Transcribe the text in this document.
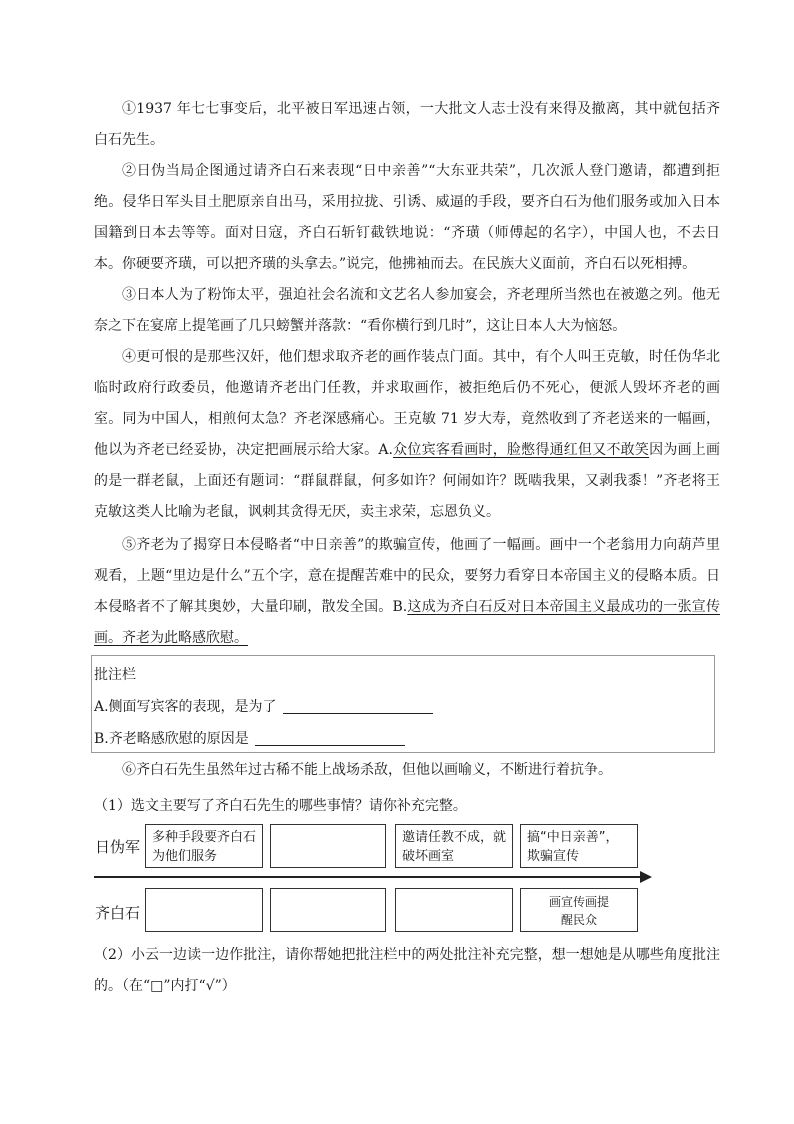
①1937 年七七事变后，北平被日军迅速占领，一大批文人志士没有来得及撤离，其中就包括齐白石先生。

②日伪当局企图通过请齐白石来表现“日中亲善”“大东亚共荣”，几次派人登门邀请，都遭到拒绝。侵华日军头目土肥原亲自出马，采用拉拢、引诱、威逼的手段，要齐白石为他们服务或加入日本国籍到日本去等等。面对日寇，齐白石斩钉截铁地说：“齐璜（师傅起的名字），中国人也，不去日本。你硬要齐璜，可以把齐璜的头拿去。”说完，他拂袖而去。在民族大义面前，齐白石以死相搏。

③日本人为了粉饰太平，强迫社会名流和文艺名人参加宴会，齐老理所当然也在被邀之列。他无奈之下在宴席上提笔画了几只螃蟹并落款：“看你横行到几时”，这让日本人大为恼怒。

④更可恨的是那些汉奸，他们想求取齐老的画作装点门面。其中，有个人叫王克敏，时任伪华北临时政府行政委员，他邀请齐老出门任教，并求取画作，被拒绝后仍不死心，便派人毁坏齐老的画室。同为中国人，相煎何太急？齐老深感痛心。王克敏 71 岁大寿，竟然收到了齐老送来的一幅画，他以为齐老已经妥协，决定把画展示给大家。A.众位宾客看画时，脸憋得通红但又不敢笑因为画上画的是一群老鼠，上面还有题词：“群鼠群鼠，何多如许？何闹如许？既啮我果，又剥我黍！”齐老将王克敏这类人比喻为老鼠，讽刺其贪得无厌，卖主求荣，忘恩负义。

⑤齐老为了揭穿日本侵略者“中日亲善”的欺骗宣传，他画了一幅画。画中一个老翁用力向葫芦里观看，上题“里边是什么”五个字，意在提醒苦难中的民众，要努力看穿日本帝国主义的侵略本质。日本侵略者不了解其奥妙，大量印刷，散发全国。B.这成为齐白石反对日本帝国主义最成功的一张宣传画。齐老为此略感欣慰。

批注栏
A.侧面写宾客的表现，是为了
B.齐老略感欣慰的原因是

⑥齐白石先生虽然年过古稀不能上战场杀敌，但他以画喻义，不断进行着抗争。

（1）选文主要写了齐白石先生的哪些事情？请你补充完整。
日伪军
齐白石
多种手段要齐白石为他们服务
邀请任教不成，就破坏画室
搞“中日亲善”，欺骗宣传
画宣传画提醒民众

（2）小云一边读一边作批注，请你帮她把批注栏中的两处批注补充完整，想一想她是从哪些角度批注的。（在“□”内打“√”）
